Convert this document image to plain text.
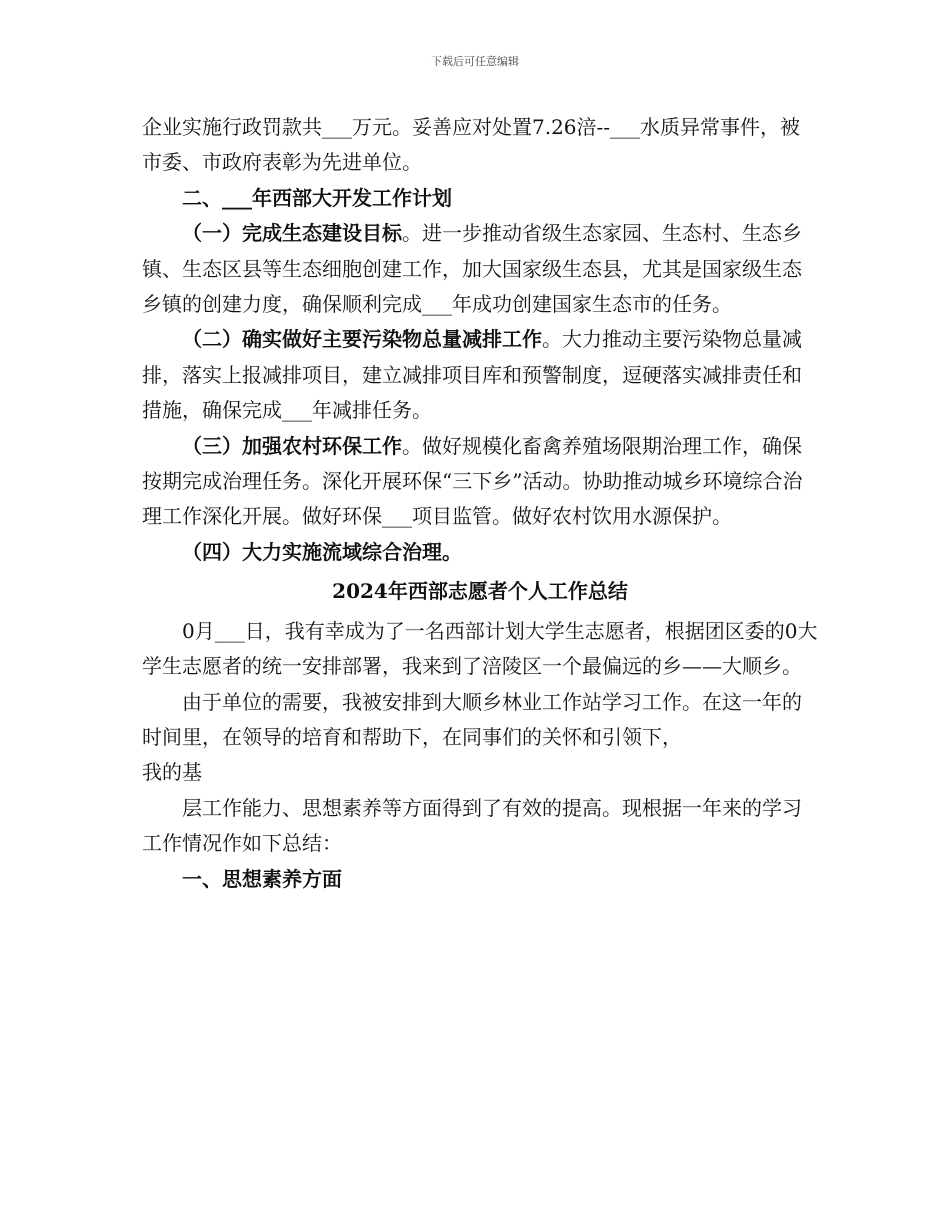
下载后可任意编辑

企业实施行政罚款共___万元。妥善应对处置7.26涪--___水质异常事件，被市委、市政府表彰为先进单位。

二、___年西部大开发工作计划

（一）完成生态建设目标。进一步推动省级生态家园、生态村、生态乡镇、生态区县等生态细胞创建工作，加大国家级生态县，尤其是国家级生态乡镇的创建力度，确保顺利完成___年成功创建国家生态市的任务。

（二）确实做好主要污染物总量减排工作。大力推动主要污染物总量减排，落实上报减排项目，建立减排项目库和预警制度，逗硬落实减排责任和措施，确保完成___年减排任务。

（三）加强农村环保工作。做好规模化畜禽养殖场限期治理工作，确保按期完成治理任务。深化开展环保“三下乡”活动。协助推动城乡环境综合治理工作深化开展。做好环保___项目监管。做好农村饮用水源保护。

（四）大力实施流域综合治理。

2024年西部志愿者个人工作总结

0月___日，我有幸成为了一名西部计划大学生志愿者，根据团区委的0大学生志愿者的统一安排部署，我来到了涪陵区一个最偏远的乡——大顺乡。

由于单位的需要，我被安排到大顺乡林业工作站学习工作。在这一年的时间里，在领导的培育和帮助下，在同事们的关怀和引领下，

我的基

层工作能力、思想素养等方面得到了有效的提高。现根据一年来的学习工作情况作如下总结：

一、思想素养方面
